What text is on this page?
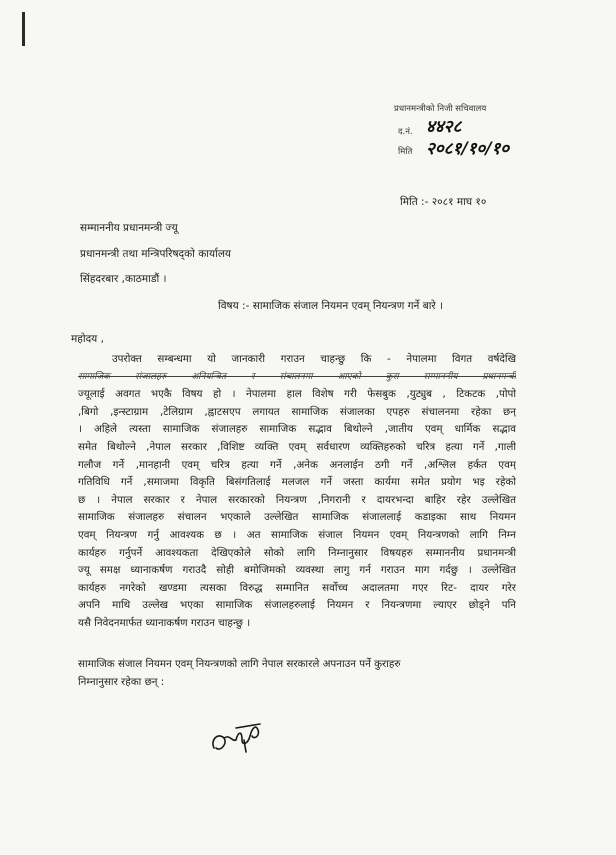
प्रधानमन्त्रीको निजी सचिवालय
द.नं. ४४२८
मिति २०८१/१०/१०
मिति :- २०८१ माघ १०
सम्माननीय प्रधानमन्त्री ज्यू
प्रधानमन्त्री तथा मन्त्रिपरिषद्को कार्यालय
सिंहदरबार ,काठमाडौं ।
विषय :- सामाजिक संजाल नियमन एवम् नियन्त्रण गर्ने बारे ।
महोदय ,
उपरोक्त सम्बन्धमा यो जानकारी गराउन चाहन्छु कि - नेपालमा विगत वर्षदेखि
सामाजिक संजालहरु अनियन्त्रित र संचालनमा आएको कुरा सम्माननीय प्रधानमन्त्री
ज्यूलाई अवगत भएकै विषय हो । नेपालमा हाल विशेष गरी फेसबुक ,युट्युब , टिकटक ,पोपो
,बिगो ,इन्स्टाग्राम ,टेलिग्राम ,ह्वाटसएप लगायत सामाजिक संजालका एपहरु संचालनमा रहेका छन्
। अहिले त्यस्ता सामाजिक संजालहरु सामाजिक सद्भाव बिथोल्ने ,जातीय एवम् धार्मिक सद्भाव
समेत बिथोल्ने ,नेपाल सरकार ,विशिष्ट व्यक्ति एवम् सर्वधारण व्यक्तिहरुको चरित्र हत्या गर्ने ,गाली
गलौज गर्ने ,मानहानी एवम् चरित्र हत्या गर्ने ,अनेक अनलाईन ठगी गर्ने ,अश्लिल हर्कत एवम्
गतिविधि गर्ने ,समाजमा विकृति बिसंगतिलाई मलजल गर्ने जस्ता कार्यमा समेत प्रयोग भइ रहेको
छ । नेपाल सरकार र नेपाल सरकारको नियन्त्रण ,निगरानी र दायरभन्दा बाहिर रहेर उल्लेखित
सामाजिक संजालहरु संचालन भएकाले उल्लेखित सामाजिक संजाललाई कडाइका साथ नियमन
एवम् नियन्त्रण गर्नु आवश्यक छ । अत सामाजिक संजाल नियमन एवम् नियन्त्रणको लागि निम्न
कार्यहरु गर्नुपर्ने आवश्यकता देखिएकोले सोको लागि निम्नानुसार विषयहरु सम्माननीय प्रधानमन्त्री
ज्यू समक्ष ध्यानाकर्षण गराउदै सोही बमोजिमको व्यवस्था लागु गर्न गराउन माग गर्दछु । उल्लेखित
कार्यहरु नगरेको खण्डमा त्यसका विरुद्ध सम्मानित सर्वोच्च अदालतमा गएर रिट- दायर गरेर
अपनि माथि उल्लेख भएका सामाजिक संजालहरुलाई नियमन र नियन्त्रणमा ल्याएर छोड्ने पनि
यसै निवेदनमार्फत ध्यानाकर्षण गराउन चाहन्छु ।
सामाजिक संजाल नियमन एवम् नियन्त्रणको लागि नेपाल सरकारले अपनाउन पर्ने कुराहरु
निम्नानुसार रहेका छन् :
